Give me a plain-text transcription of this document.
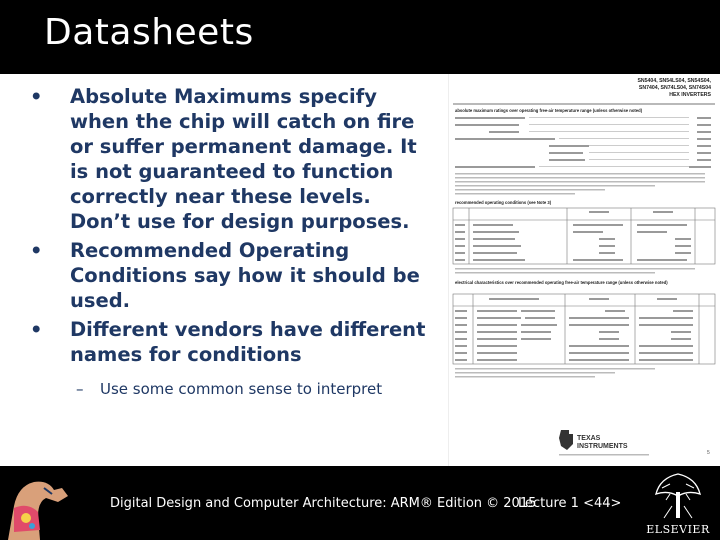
Datasheets
• Absolute Maximums specify when the chip will catch on fire or suffer permanent damage. It is not guaranteed to function correctly near these levels. Don’t use for design purposes.
• Recommended Operating Conditions say how it should be used.
• Different vendors have different names for conditions
– Use some common sense to interpret
SN5404, SN54LS04, SN54S04,
SN7404, SN74LS04, SN74S04
HEX INVERTERS
absolute maximum ratings over operating free-air temperature range (unless otherwise noted)
recommended operating conditions (see Note 3)
electrical characteristics over recommended operating free-air temperature range (unless otherwise noted)
TEXAS
INSTRUMENTS
5
Digital Design and Computer Architecture: ARM® Edition © 2015
Lecture 1 <44>
ELSEVIER
